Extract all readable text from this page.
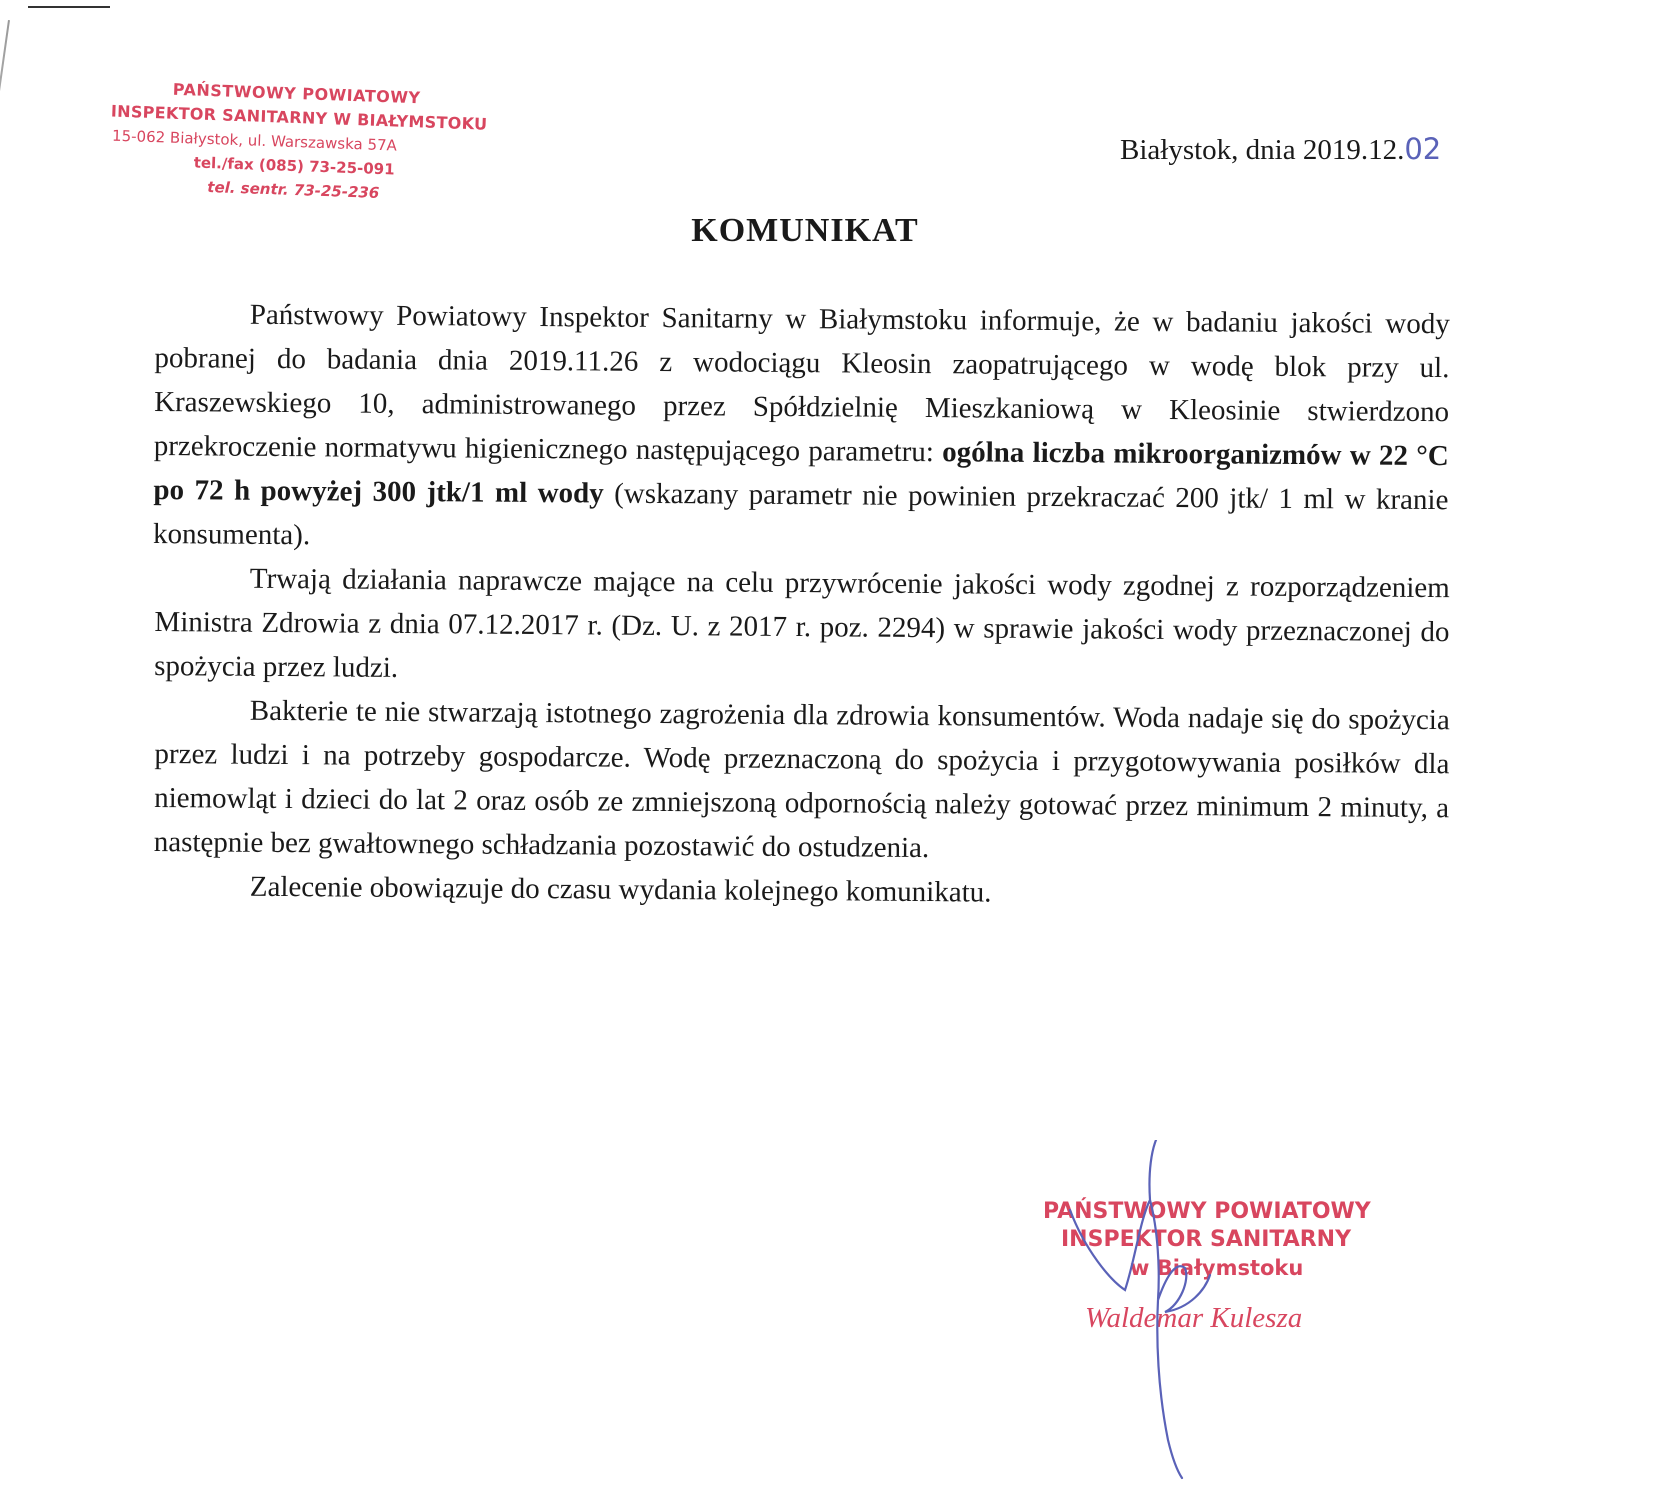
PAŃSTWOWY POWIATOWY
INSPEKTOR SANITARNY W BIAŁYMSTOKU
15-062 Białystok, ul. Warszawska 57A
tel./fax (085) 73-25-091
tel. sentr. 73-25-236
Białystok, dnia 2019.12.02
KOMUNIKAT

Państwowy Powiatowy Inspektor Sanitarny w Białymstoku informuje, że w badaniu jakości wody pobranej do badania dnia 2019.11.26 z wodociągu Kleosin zaopatrującego w wodę blok przy ul. Kraszewskiego 10, administrowanego przez Spółdzielnię Mieszkaniową w Kleosinie stwierdzono przekroczenie normatywu higienicznego następującego parametru: ogólna liczba mikroorganizmów w 22 °C po 72 h powyżej 300 jtk/1 ml wody (wskazany parametr nie powinien przekraczać 200 jtk/ 1 ml w kranie konsumenta).

Trwają działania naprawcze mające na celu przywrócenie jakości wody zgodnej z rozporządzeniem Ministra Zdrowia z dnia 07.12.2017 r. (Dz. U. z 2017 r. poz. 2294) w sprawie jakości wody przeznaczonej do spożycia przez ludzi.

Bakterie te nie stwarzają istotnego zagrożenia dla zdrowia konsumentów. Woda nadaje się do spożycia przez ludzi i na potrzeby gospodarcze. Wodę przeznaczoną do spożycia i przygotowywania posiłków dla niemowląt i dzieci do lat 2 oraz osób ze zmniejszoną odpornością należy gotować przez minimum 2 minuty, a następnie bez gwałtownego schładzania pozostawić do ostudzenia.

Zalecenie obowiązuje do czasu wydania kolejnego komunikatu.

PAŃSTWOWY POWIATOWY
INSPEKTOR SANITARNY
w Białymstoku
Waldemar Kulesza
